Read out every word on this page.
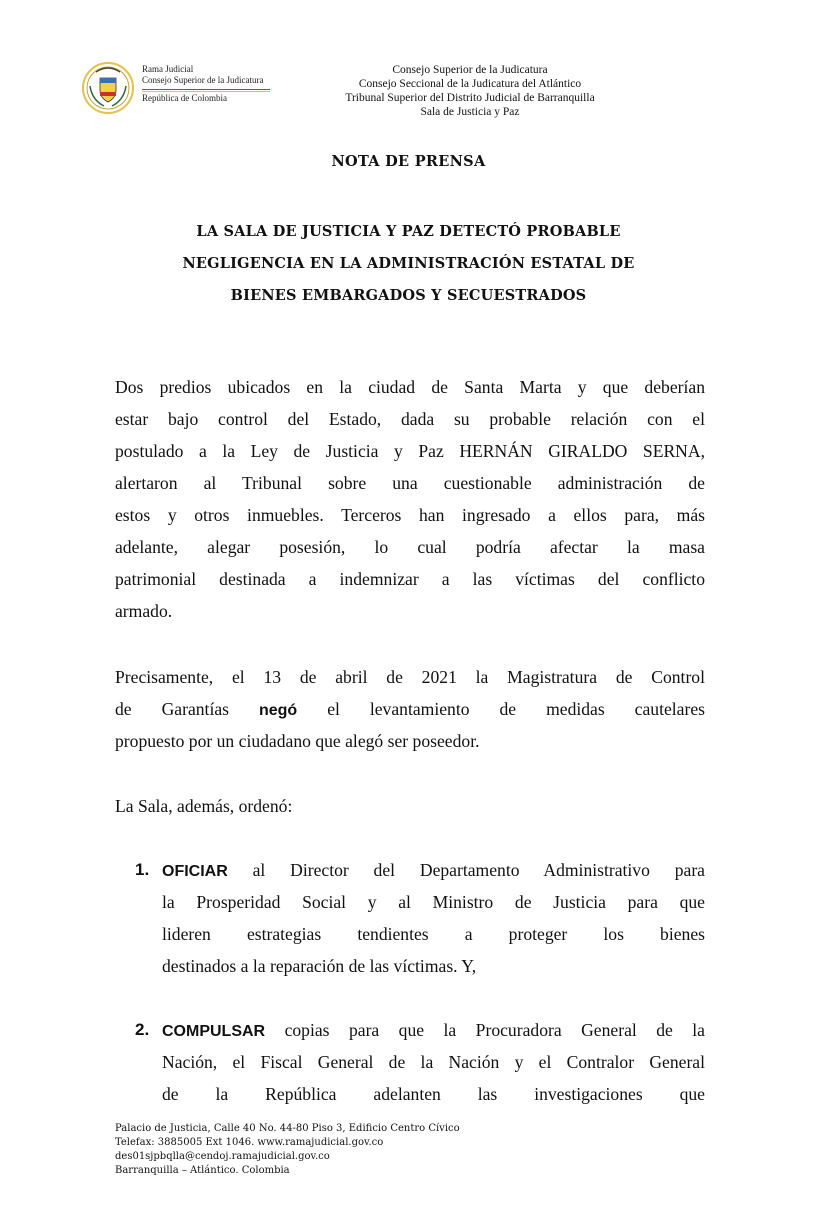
Rama Judicial
Consejo Superior de la Judicatura
República de Colombia
Consejo Superior de la Judicatura
Consejo Seccional de la Judicatura del Atlántico
Tribunal Superior del Distrito Judicial de Barranquilla
Sala de Justicia y Paz
NOTA DE PRENSA
LA SALA DE JUSTICIA Y PAZ DETECTÓ PROBABLE
NEGLIGENCIA EN LA ADMINISTRACIÓN ESTATAL DE
BIENES EMBARGADOS Y SECUESTRADOS
Dos predios ubicados en la ciudad de Santa Marta y que deberían
estar bajo control del Estado, dada su probable relación con el
postulado a la Ley de Justicia y Paz HERNÁN GIRALDO SERNA,
alertaron al Tribunal sobre una cuestionable administración de
estos y otros inmuebles. Terceros han ingresado a ellos para, más
adelante, alegar posesión, lo cual podría afectar la masa
patrimonial destinada a indemnizar a las víctimas del conflicto
armado.
Precisamente, el 13 de abril de 2021 la Magistratura de Control
de Garantías negó el levantamiento de medidas cautelares
propuesto por un ciudadano que alegó ser poseedor.
La Sala, además, ordenó:
1. OFICIAR al Director del Departamento Administrativo para
la Prosperidad Social y al Ministro de Justicia para que
lideren estrategias tendientes a proteger los bienes
destinados a la reparación de las víctimas. Y,
2. COMPULSAR copias para que la Procuradora General de la
Nación, el Fiscal General de la Nación y el Contralor General
de la República adelanten las investigaciones que
Palacio de Justicia, Calle 40 No. 44-80 Piso 3, Edificio Centro Cívico
Telefax: 3885005 Ext 1046. www.ramajudicial.gov.co
des01sjpbqlla@cendoj.ramajudicial.gov.co
Barranquilla – Atlántico. Colombia
